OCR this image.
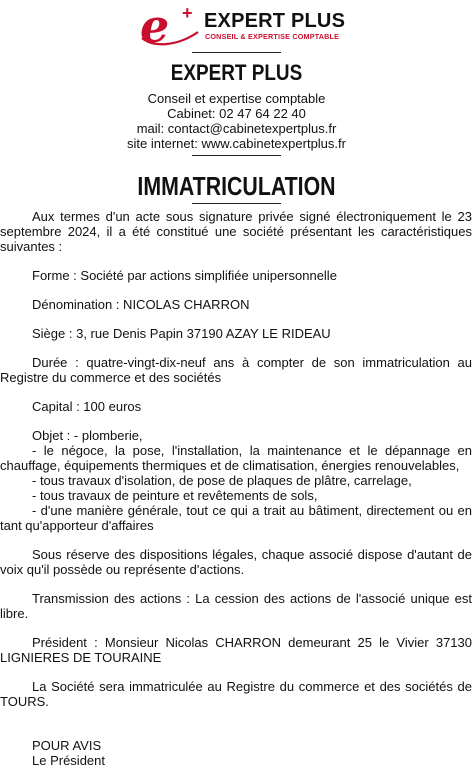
e + EXPERT PLUS
CONSEIL & EXPERTISE COMPTABLE
EXPERT PLUS
Conseil et expertise comptable
Cabinet: 02 47 64 22 40
mail: contact@cabinetexpertplus.fr
site internet: www.cabinetexpertplus.fr
IMMATRICULATION

Aux termes d'un acte sous signature privée signé électroniquement le 23 septembre 2024, il a été constitué une société présentant les caractéristiques suivantes :

Forme : Société par actions simplifiée unipersonnelle

Dénomination : NICOLAS CHARRON

Siège : 3, rue Denis Papin 37190 AZAY LE RIDEAU

Durée : quatre-vingt-dix-neuf ans à compter de son immatriculation au Registre du commerce et des sociétés

Capital : 100 euros

Objet : - plomberie,

- le négoce, la pose, l'installation, la maintenance et le dépannage en chauffage, équipements thermiques et de climatisation, énergies renouvelables,

- tous travaux d'isolation, de pose de plaques de plâtre, carrelage,

- tous travaux de peinture et revêtements de sols,

- d'une manière générale, tout ce qui a trait au bâtiment, directement ou en tant qu'apporteur d'affaires

Sous réserve des dispositions légales, chaque associé dispose d'autant de voix qu'il possède ou représente d'actions.

Transmission des actions : La cession des actions de l'associé unique est libre.

Président : Monsieur Nicolas CHARRON demeurant 25 le Vivier 37130 LIGNIERES DE TOURAINE

La Société sera immatriculée au Registre du commerce et des sociétés de TOURS.

POUR AVIS

Le Président
